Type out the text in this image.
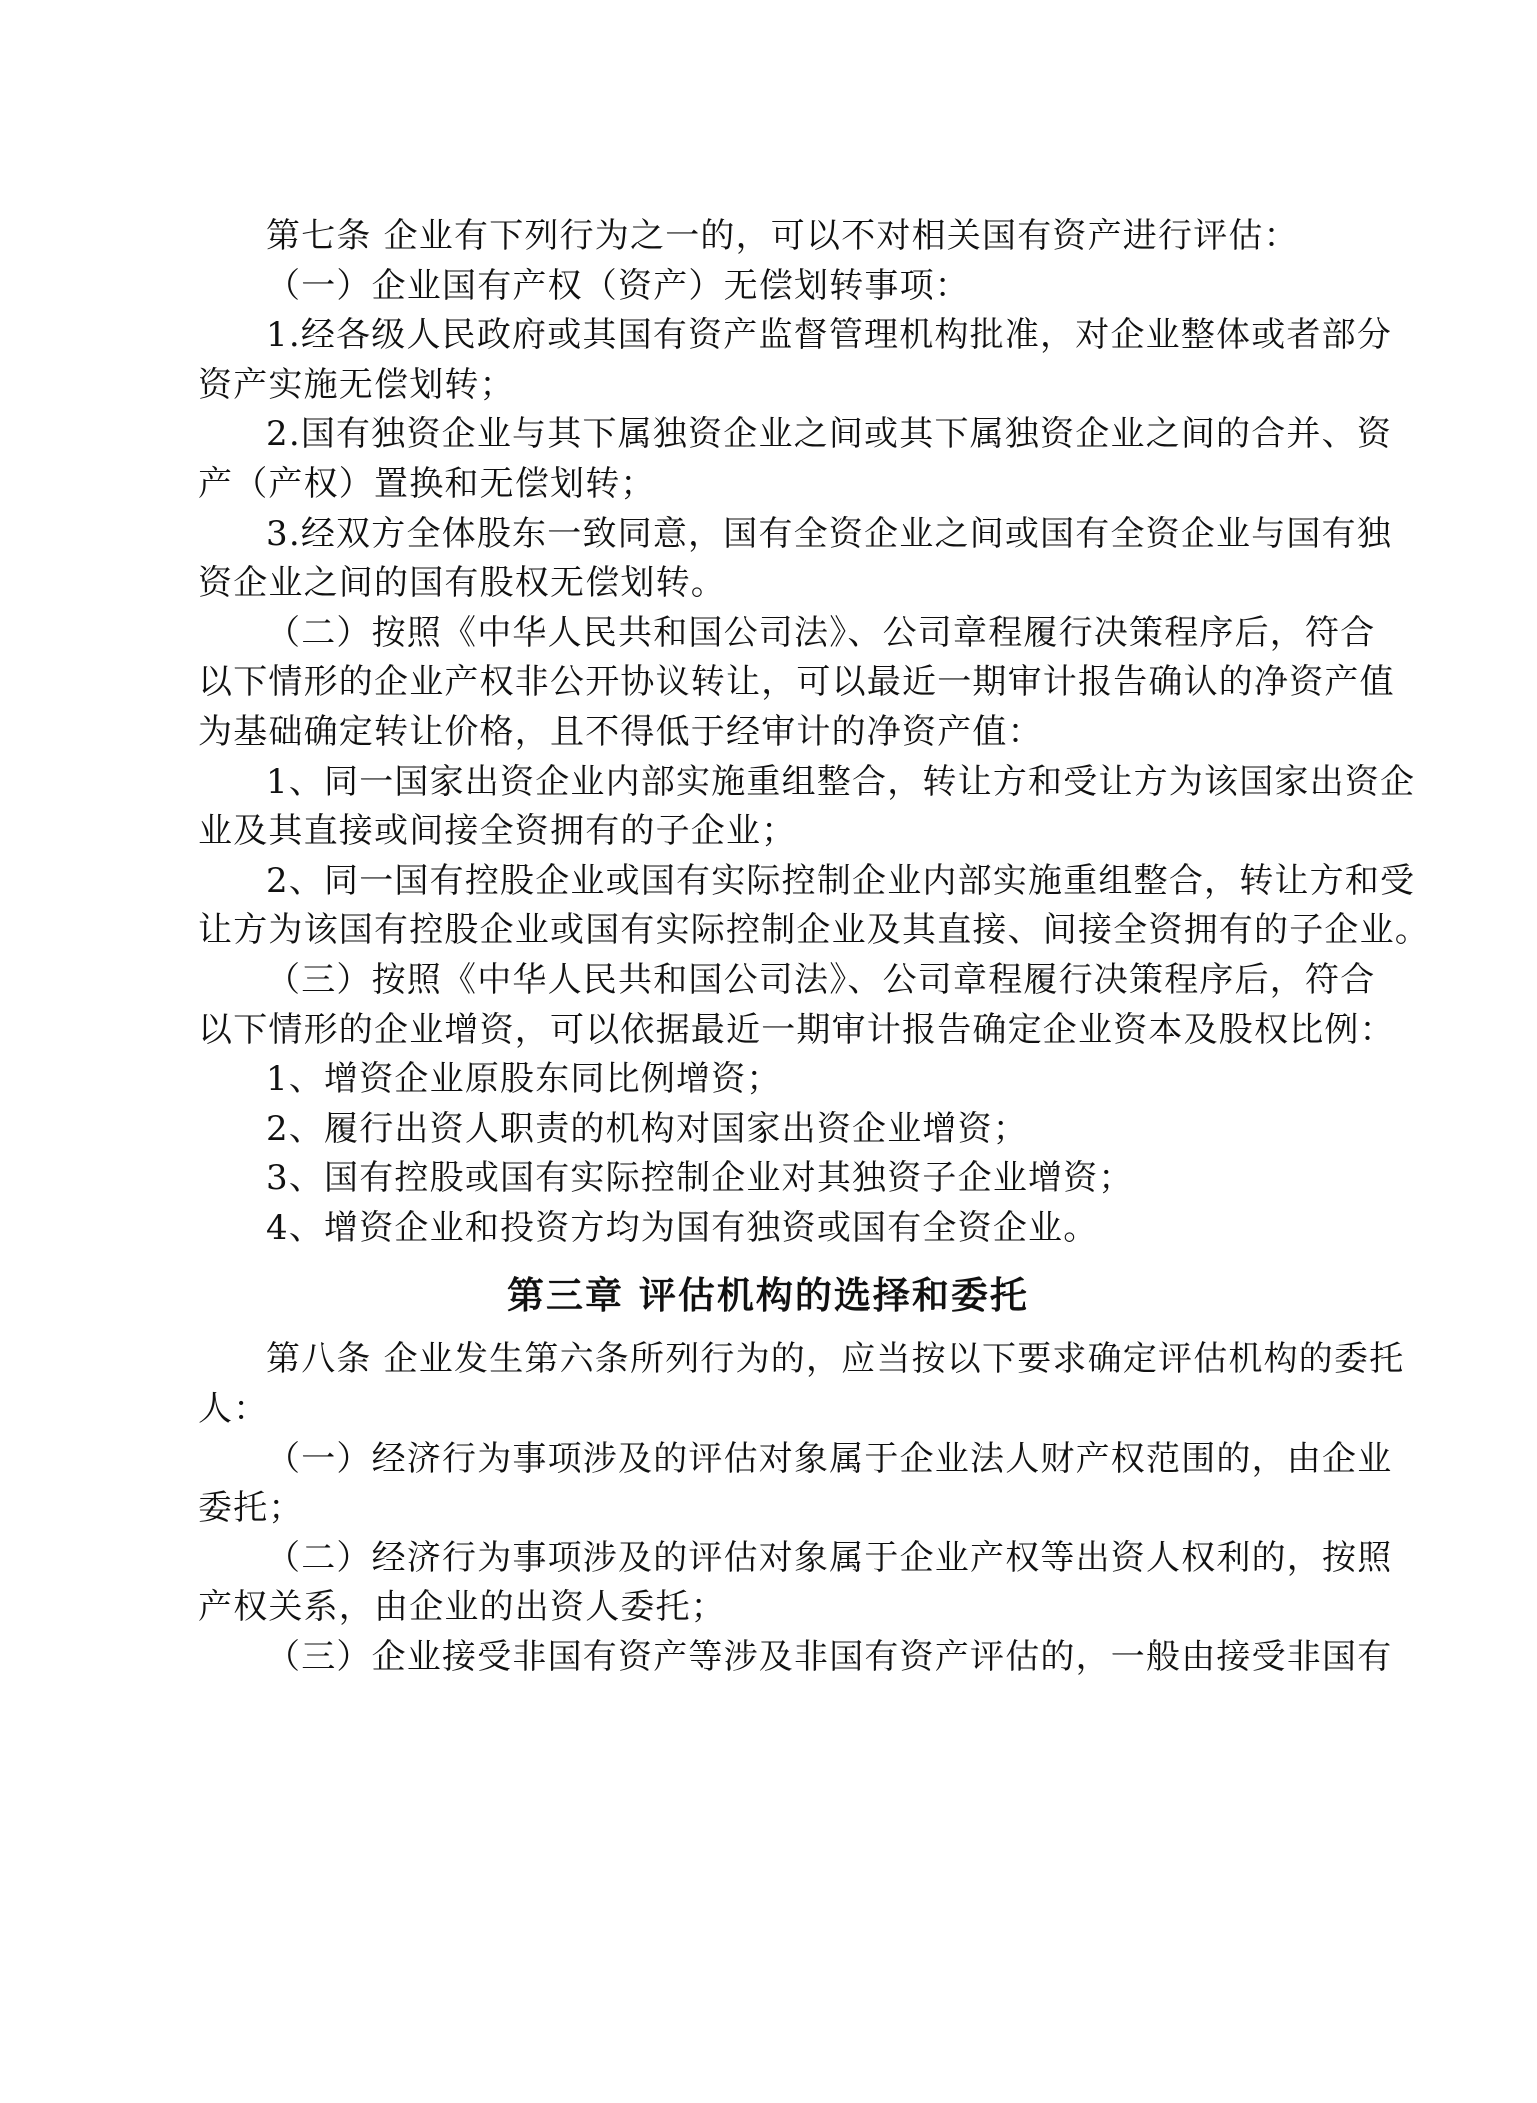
第七条 企业有下列行为之一的，可以不对相关国有资产进行评估：
（一）企业国有产权（资产）无偿划转事项：
1.经各级人民政府或其国有资产监督管理机构批准，对企业整体或者部分
资产实施无偿划转；
2.国有独资企业与其下属独资企业之间或其下属独资企业之间的合并、资
产（产权）置换和无偿划转；
3.经双方全体股东一致同意，国有全资企业之间或国有全资企业与国有独
资企业之间的国有股权无偿划转。
（二）按照《中华人民共和国公司法》、公司章程履行决策程序后，符合
以下情形的企业产权非公开协议转让，可以最近一期审计报告确认的净资产值
为基础确定转让价格，且不得低于经审计的净资产值：
1、同一国家出资企业内部实施重组整合，转让方和受让方为该国家出资企
业及其直接或间接全资拥有的子企业；
2、同一国有控股企业或国有实际控制企业内部实施重组整合，转让方和受
让方为该国有控股企业或国有实际控制企业及其直接、间接全资拥有的子企业。
（三）按照《中华人民共和国公司法》、公司章程履行决策程序后，符合
以下情形的企业增资，可以依据最近一期审计报告确定企业资本及股权比例：
1、增资企业原股东同比例增资；
2、履行出资人职责的机构对国家出资企业增资；
3、国有控股或国有实际控制企业对其独资子企业增资；
4、增资企业和投资方均为国有独资或国有全资企业。
第三章 评估机构的选择和委托
第八条 企业发生第六条所列行为的，应当按以下要求确定评估机构的委托
人：
（一）经济行为事项涉及的评估对象属于企业法人财产权范围的，由企业
委托；
（二）经济行为事项涉及的评估对象属于企业产权等出资人权利的，按照
产权关系，由企业的出资人委托；
（三）企业接受非国有资产等涉及非国有资产评估的，一般由接受非国有
